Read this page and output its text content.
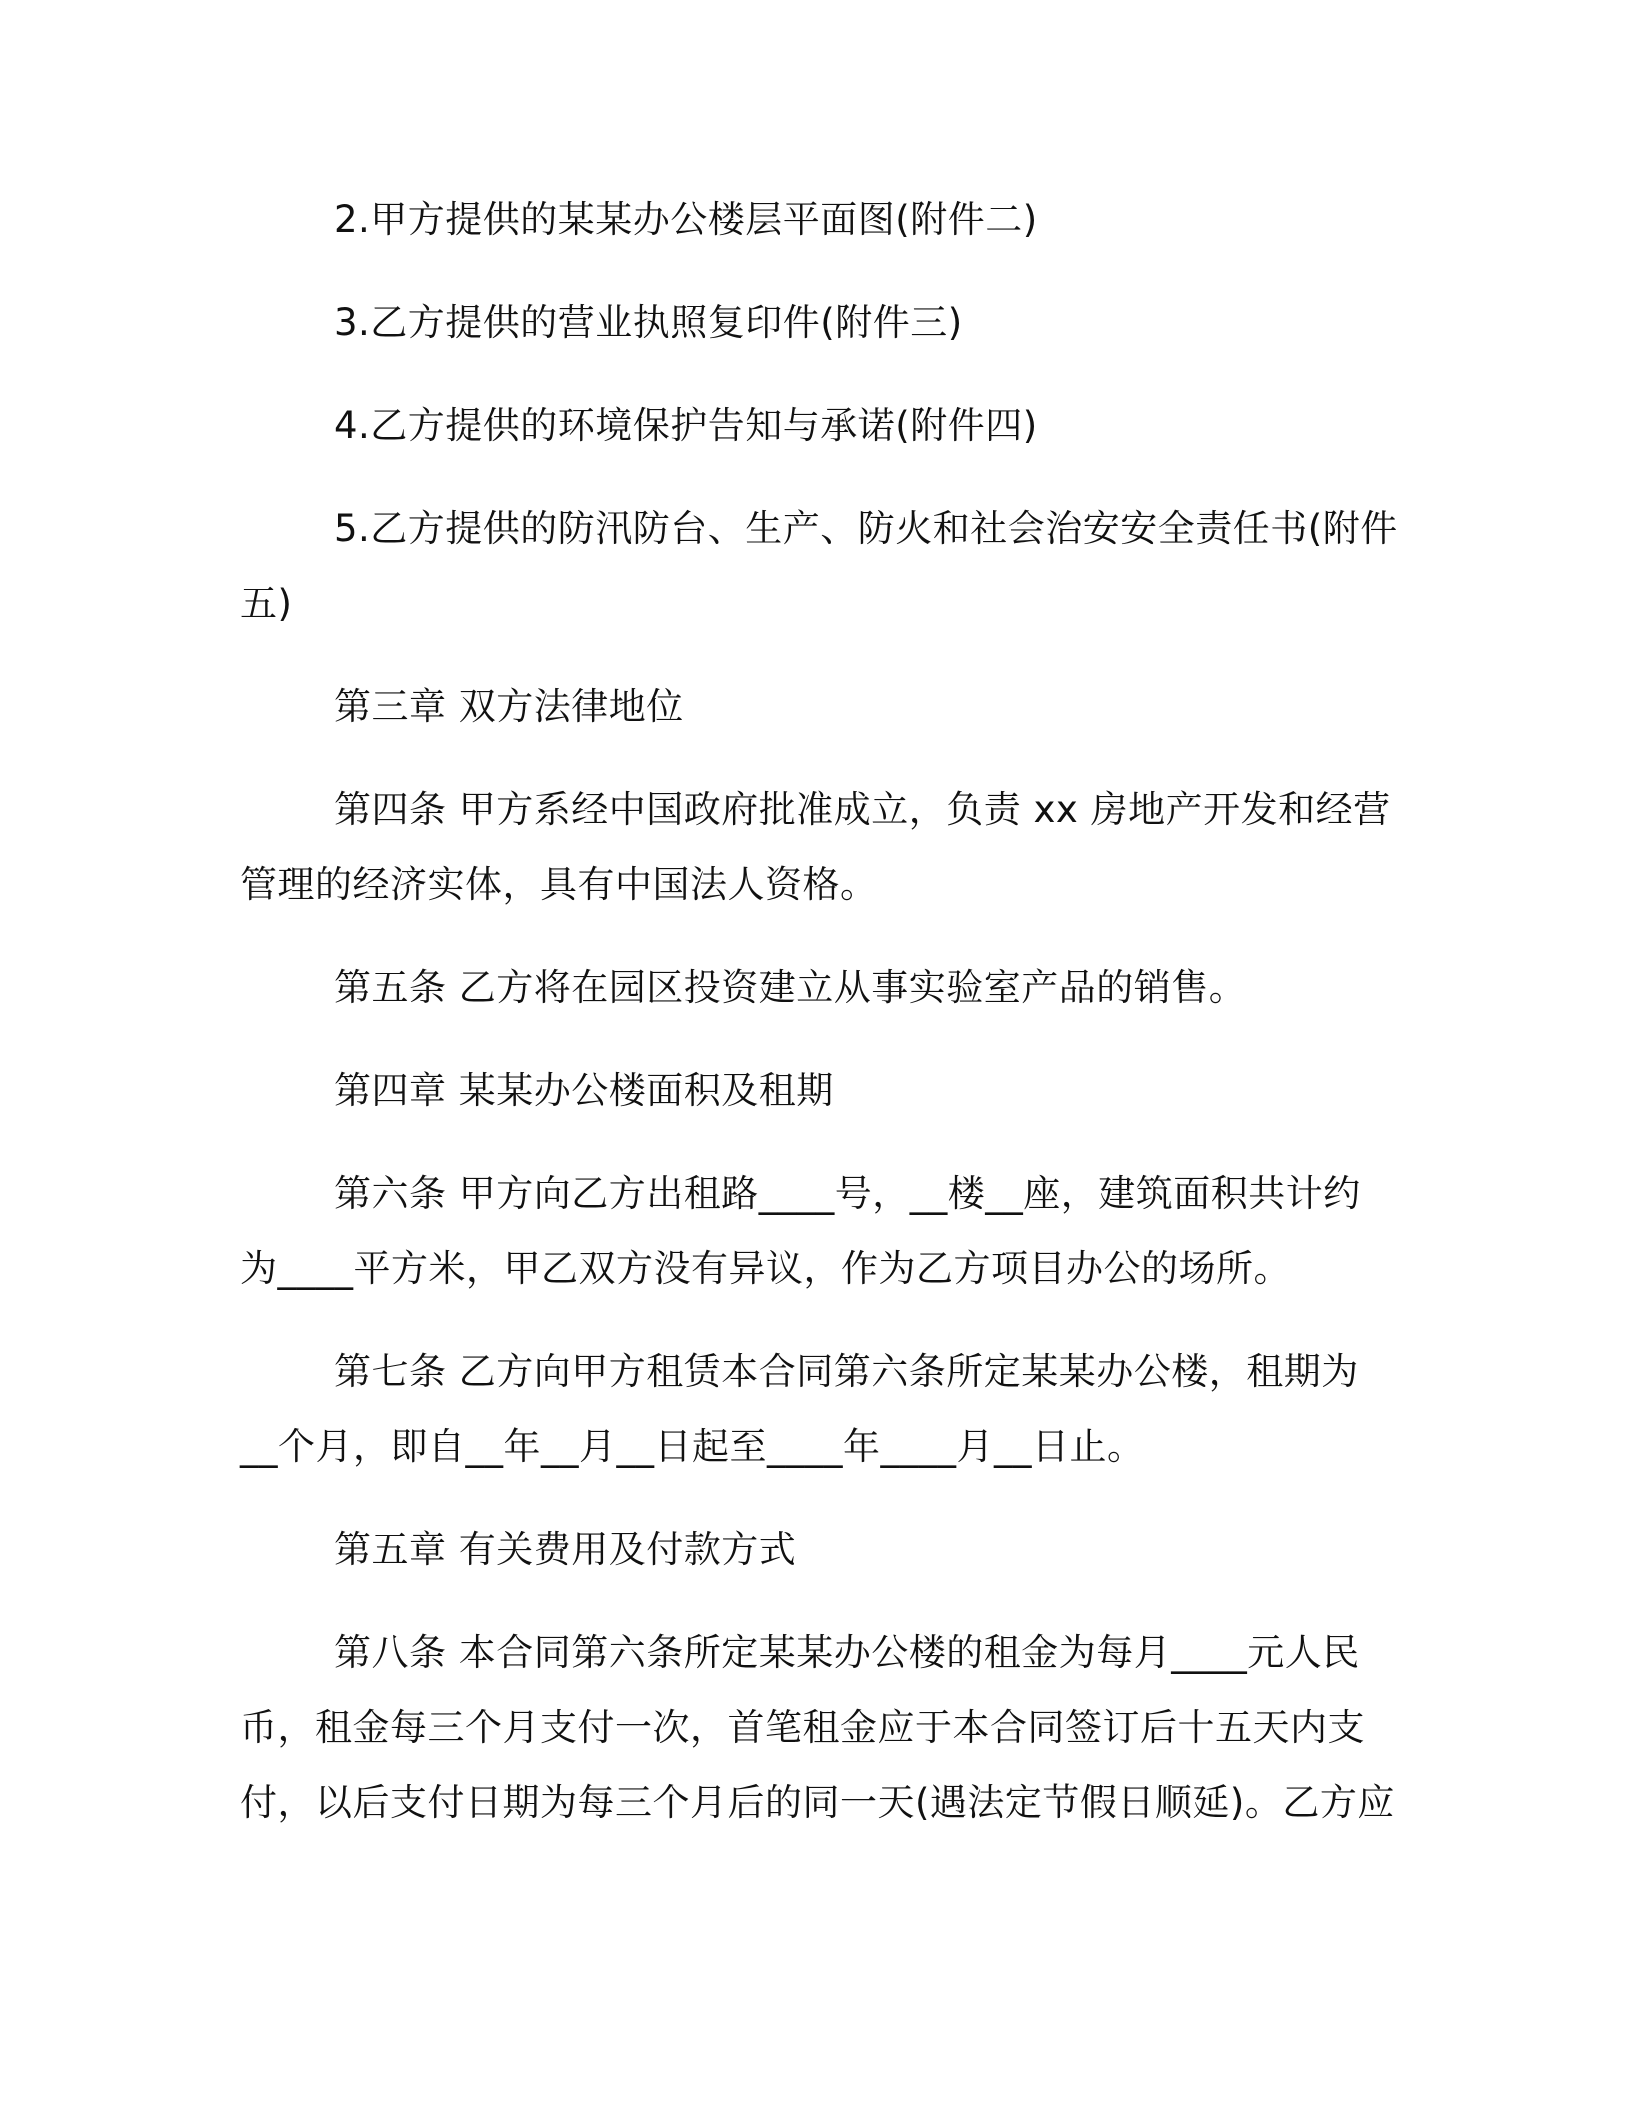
2.甲方提供的某某办公楼层平面图(附件二)
3.乙方提供的营业执照复印件(附件三)
4.乙方提供的环境保护告知与承诺(附件四)
5.乙方提供的防汛防台、生产、防火和社会治安安全责任书(附件
五)
第三章 双方法律地位
第四条 甲方系经中国政府批准成立，负责 xx 房地产开发和经营
管理的经济实体，具有中国法人资格。
第五条 乙方将在园区投资建立从事实验室产品的销售。
第四章 某某办公楼面积及租期
第六条 甲方向乙方出租路____号，__楼__座，建筑面积共计约
为____平方米，甲乙双方没有异议，作为乙方项目办公的场所。
第七条 乙方向甲方租赁本合同第六条所定某某办公楼，租期为
__个月，即自__年__月__日起至____年____月__日止。
第五章 有关费用及付款方式
第八条 本合同第六条所定某某办公楼的租金为每月____元人民
币，租金每三个月支付一次，首笔租金应于本合同签订后十五天内支
付，以后支付日期为每三个月后的同一天(遇法定节假日顺延)。乙方应
